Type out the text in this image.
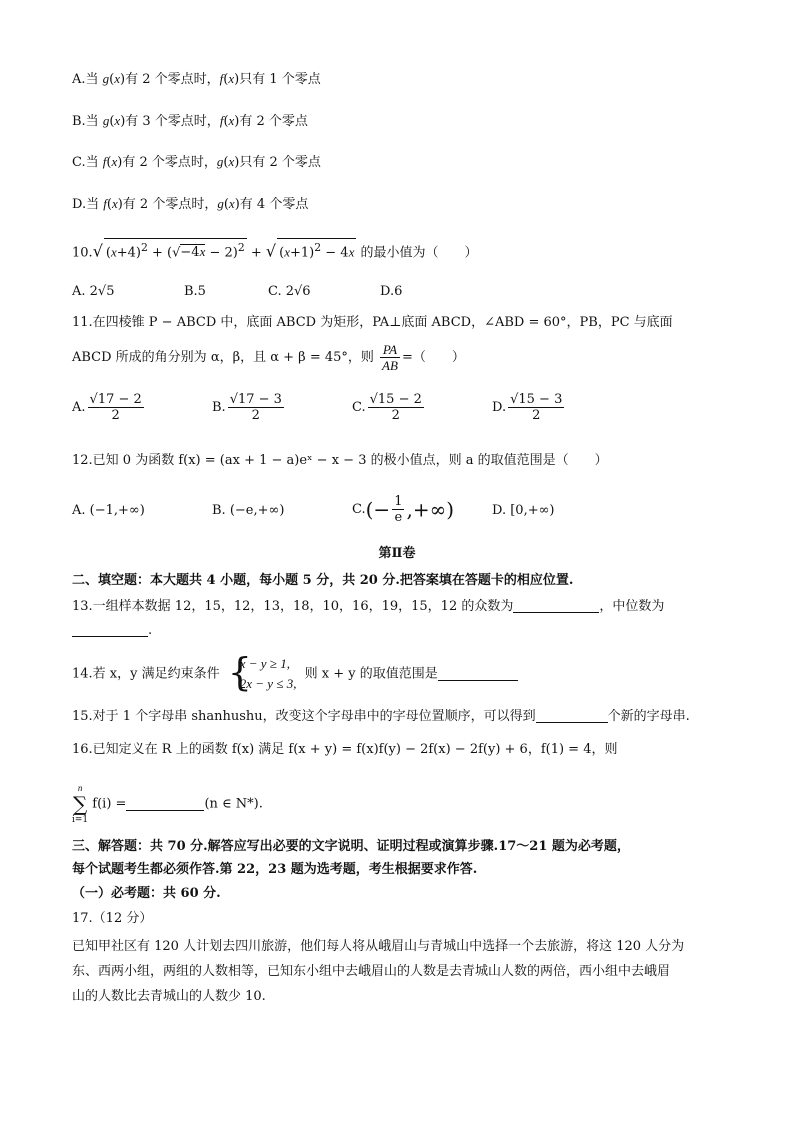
A.当 g(x)有 2 个零点时，f(x)只有 1 个零点
B.当 g(x)有 3 个零点时，f(x)有 2 个零点
C.当 f(x)有 2 个零点时，g(x)只有 2 个零点
D.当 f(x)有 2 个零点时，g(x)有 4 个零点
10.√ $(x+4)^2 + (√-4x - 2)^2$ + √ $(x+1)^2 - 4x$ 的最小值为（　　）
A. 2√5	B.5	C. 2√6	D.6
11.在四棱锥 P − ABCD 中，底面 ABCD 为矩形，PA⊥底面 ABCD，∠ABD = 60°，PB，PC 与底面
ABCD 所成的角分别为 α，β，且 α + β = 45°，则 $\frac{PA}{AB}$ =（　　）
A. $\frac{√17 - 2}{2}$	B. $\frac{√17 - 3}{2}$	C. $\frac{√15 - 2}{2}$	D. $\frac{√15 - 3}{2}$
12.已知 0 为函数 f(x) = (ax + 1 − a)eˣ − x − 3 的极小值点，则 a 的取值范围是（　　）
A. (−1,+∞)	B. (−e,+∞)	$C.(- \frac{1}{e}$ ,+∞)	D. [0,+∞)
第Ⅱ卷
二、填空题：本大题共 4 小题，每小题 5 分，共 20 分.把答案填在答题卡的相应位置.
13.一组样本数据 12，15，12，13，18，10，16，19，15，12 的众数为	，中位数为
.
14.若 x，y 满足约束条件 {
x − y ≥ 1,
2x − y ≤ 3,
则 x + y 的取值范围是
15.对于 1 个字母串 shanhushu，改变这个字母串中的字母位置顺序，可以得到	个新的字母串.
16.已知定义在 R 上的函数 f(x) 满足 f(x + y) = f(x)f(y) − 2f(x) − 2f(y) + 6，f(1) = 4，则
n
∑
i=1
f(i) =	(n ∈ N*).
三、解答题：共 70 分.解答应写出必要的文字说明、证明过程或演算步骤.17～21 题为必考题，
每个试题考生都必须作答.第 22，23 题为选考题，考生根据要求作答.
（一）必考题：共 60 分.
17.（12 分）
已知甲社区有 120 人计划去四川旅游，他们每人将从峨眉山与青城山中选择一个去旅游，将这 120 人分为
东、西两小组，两组的人数相等，已知东小组中去峨眉山的人数是去青城山人数的两倍，西小组中去峨眉
山的人数比去青城山的人数少 10.
